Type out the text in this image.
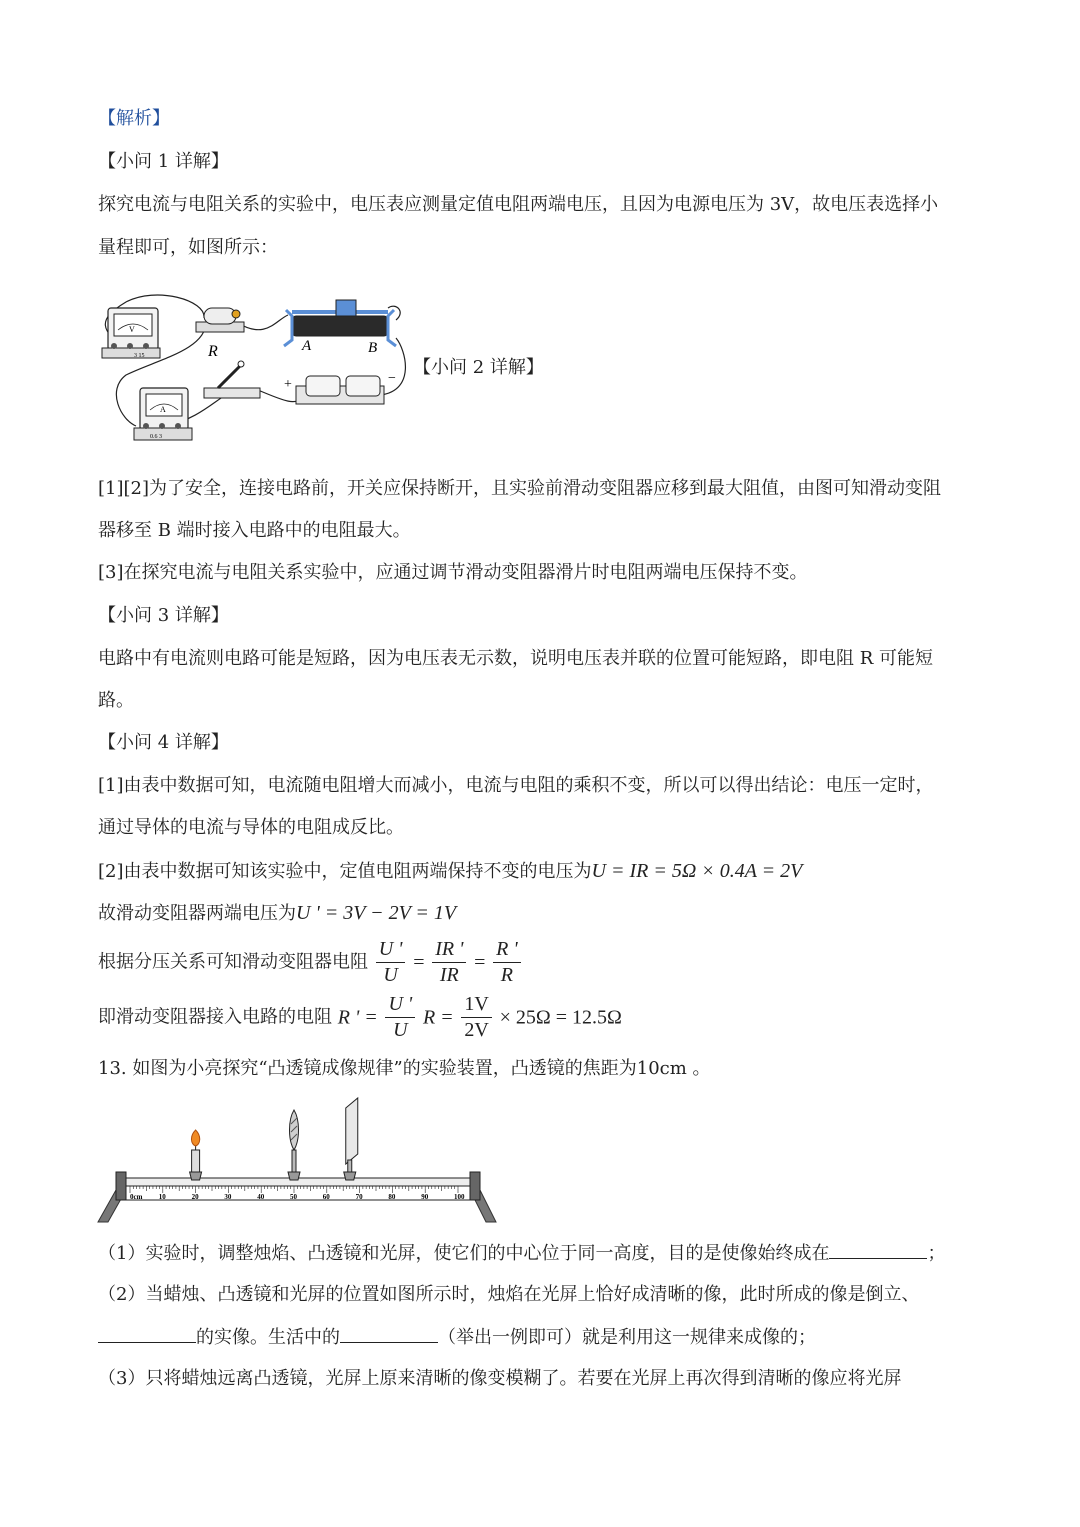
【解析】
【小问 1 详解】
探究电流与电阻关系的实验中，电压表应测量定值电阻两端电压，且因为电源电压为 3V，故电压表选择小
量程即可，如图所示：
V
3 15	R	A	B
+	−
A
0.6 3
【小问 2 详解】
[1][2]为了安全，连接电路前，开关应保持断开，且实验前滑动变阻器应移到最大阻值，由图可知滑动变阻
器移至 B 端时接入电路中的电阻最大。
[3]在探究电流与电阻关系实验中，应通过调节滑动变阻器滑片时电阻两端电压保持不变。
【小问 3 详解】
电路中有电流则电路可能是短路，因为电压表无示数，说明电压表并联的位置可能短路，即电阻 R 可能短
路。
【小问 4 详解】
[1]由表中数据可知，电流随电阻增大而减小，电流与电阻的乘积不变，所以可以得出结论：电压一定时，
通过导体的电流与导体的电阻成反比。
[2]由表中数据可知该实验中，定值电阻两端保持不变的电压为U = IR = 5Ω × 0.4A = 2V
故滑动变阻器两端电压为U ' = 3V − 2V = 1V
根据分压关系可知滑动变阻器电阻 $\frac{U '}{U} = \frac{IR '}{IR} = \frac{R '}{R}$
即滑动变阻器接入电路的电阻 R ' = $\frac{U '}{U}$ $R = \frac{1V}{2V} \times 25\Omega = 12.5\Omega$
13. 如图为小亮探究“凸透镜成像规律”的实验装置，凸透镜的焦距为10cm 。
0cm 10	20	30	40	50	60	70	80	90	100
（1）实验时，调整烛焰、凸透镜和光屏，使它们的中心位于同一高度，目的是使像始终成在	；
（2）当蜡烛、凸透镜和光屏的位置如图所示时，烛焰在光屏上恰好成清晰的像，此时所成的像是倒立、
的实像。生活中的	（举出一例即可）就是利用这一规律来成像的；
（3）只将蜡烛远离凸透镜，光屏上原来清晰的像变模糊了。若要在光屏上再次得到清晰的像应将光屏
